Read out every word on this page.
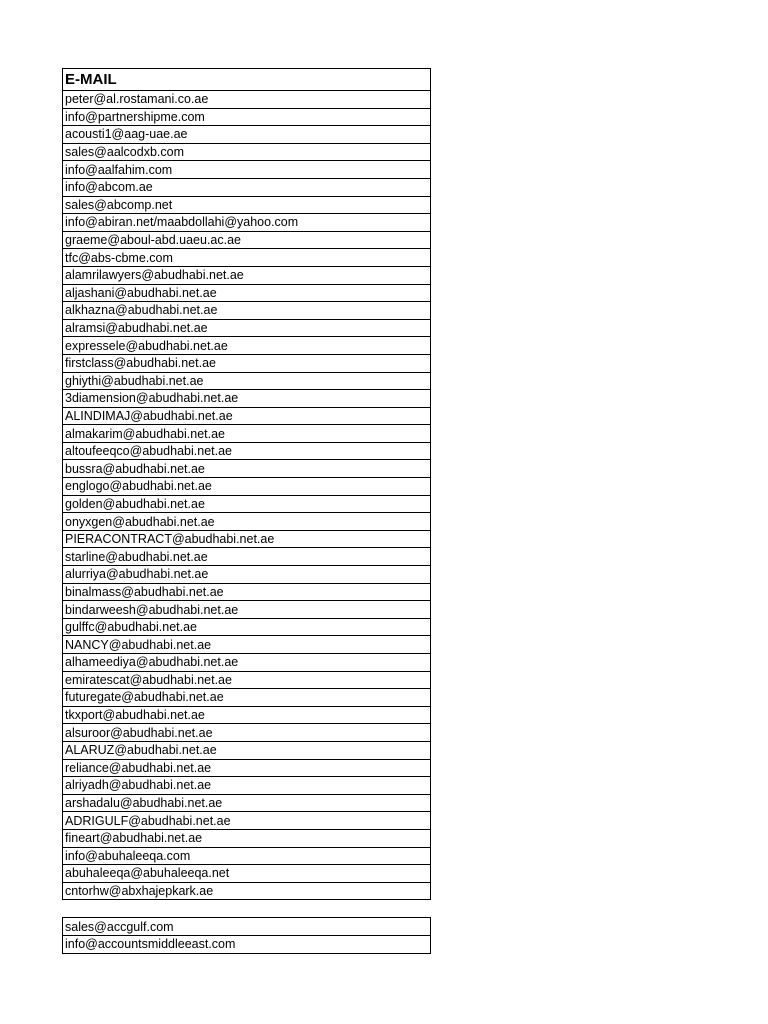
E-MAIL
peter@al.rostamani.co.ae
info@partnershipme.com
acousti1@aag-uae.ae
sales@aalcodxb.com
info@aalfahim.com
info@abcom.ae
sales@abcomp.net
info@abiran.net/maabdollahi@yahoo.com
graeme@aboul-abd.uaeu.ac.ae
tfc@abs-cbme.com
alamrilawyers@abudhabi.net.ae
aljashani@abudhabi.net.ae
alkhazna@abudhabi.net.ae
alramsi@abudhabi.net.ae
expressele@abudhabi.net.ae
firstclass@abudhabi.net.ae
ghiythi@abudhabi.net.ae
3diamension@abudhabi.net.ae
ALINDIMAJ@abudhabi.net.ae
almakarim@abudhabi.net.ae
altoufeeqco@abudhabi.net.ae
bussra@abudhabi.net.ae
englogo@abudhabi.net.ae
golden@abudhabi.net.ae
onyxgen@abudhabi.net.ae
PIERACONTRACT@abudhabi.net.ae
starline@abudhabi.net.ae
alurriya@abudhabi.net.ae
binalmass@abudhabi.net.ae
bindarweesh@abudhabi.net.ae
gulffc@abudhabi.net.ae
NANCY@abudhabi.net.ae
alhameediya@abudhabi.net.ae
emiratescat@abudhabi.net.ae
futuregate@abudhabi.net.ae
tkxport@abudhabi.net.ae
alsuroor@abudhabi.net.ae
ALARUZ@abudhabi.net.ae
reliance@abudhabi.net.ae
alriyadh@abudhabi.net.ae
arshadalu@abudhabi.net.ae
ADRIGULF@abudhabi.net.ae
fineart@abudhabi.net.ae
info@abuhaleeqa.com
abuhaleeqa@abuhaleeqa.net
cntorhw@abxhajepkark.ae
sales@accgulf.com
info@accountsmiddleeast.com
